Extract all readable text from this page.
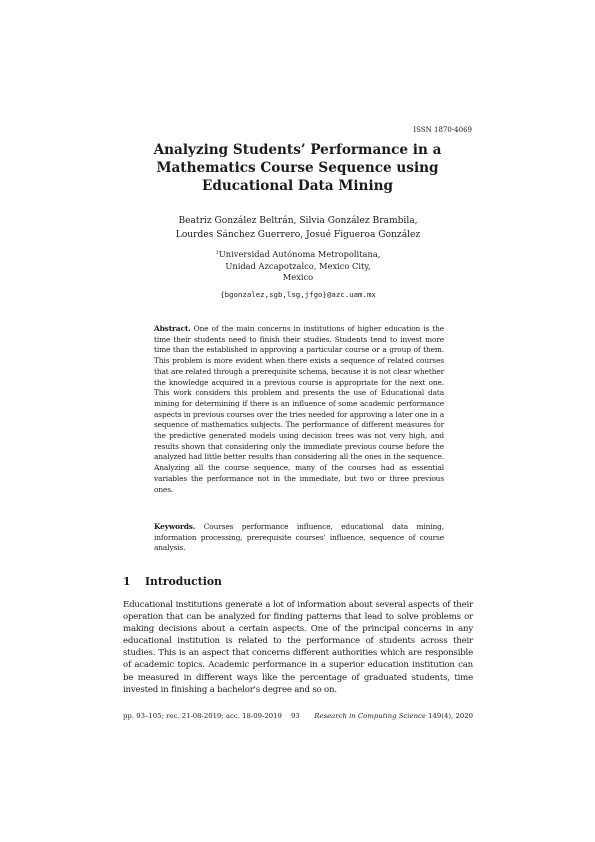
ISSN 1870-4069
Analyzing Students’ Performance in a
Mathematics Course Sequence using
Educational Data Mining
Beatriz González Beltrán, Silvia González Brambila,
Lourdes Sánchez Guerrero, Josué Figueroa González
$^1$Universidad Autónoma Metropolitana,
Unidad Azcapotzalco, Mexico City,
Mexico
{bgonzalez,sgb,lsg,jfgo}@azc.uam.mx

Abstract. One of the main concerns in institutions of higher education is the time their students need to finish their studies. Students tend to invest more time than the established in approving a particular course or a group of them. This problem is more evident when there exists a sequence of related courses that are related through a prerequisite schema, because it is not clear whether the knowledge acquired in a previous course is appropriate for the next one. This work considers this problem and presents the use of Educational data mining for determining if there is an influence of some academic performance aspects in previous courses over the tries needed for approving a later one in a sequence of mathematics subjects. The performance of different measures for the predictive generated models using decision trees was not very high, and results shown that considering only the immediate previous course before the analyzed had little better results than considering all the ones in the sequence. Analyzing all the course sequence, many of the courses had as essential variables the performance not in the immediate, but two or three previous ones.

Keywords. Courses performance influence, educational data mining, information processing, prerequisite courses' influence, sequence of course analysis.

1 Introduction

Educational institutions generate a lot of information about several aspects of their operation that can be analyzed for finding patterns that lead to solve problems or making decisions about a certain aspects. One of the principal concerns in any educational institution is related to the performance of students across their studies. This is an aspect that concerns different authorities which are responsible of academic topics. Academic performance in a superior education institution can be measured in different ways like the percentage of graduated students, time invested in finishing a bachelor's degree and so on.

pp. 93–105; rec. 21-08-2019; acc. 18-09-2019 93 Research in Computing Science 149(4), 2020
